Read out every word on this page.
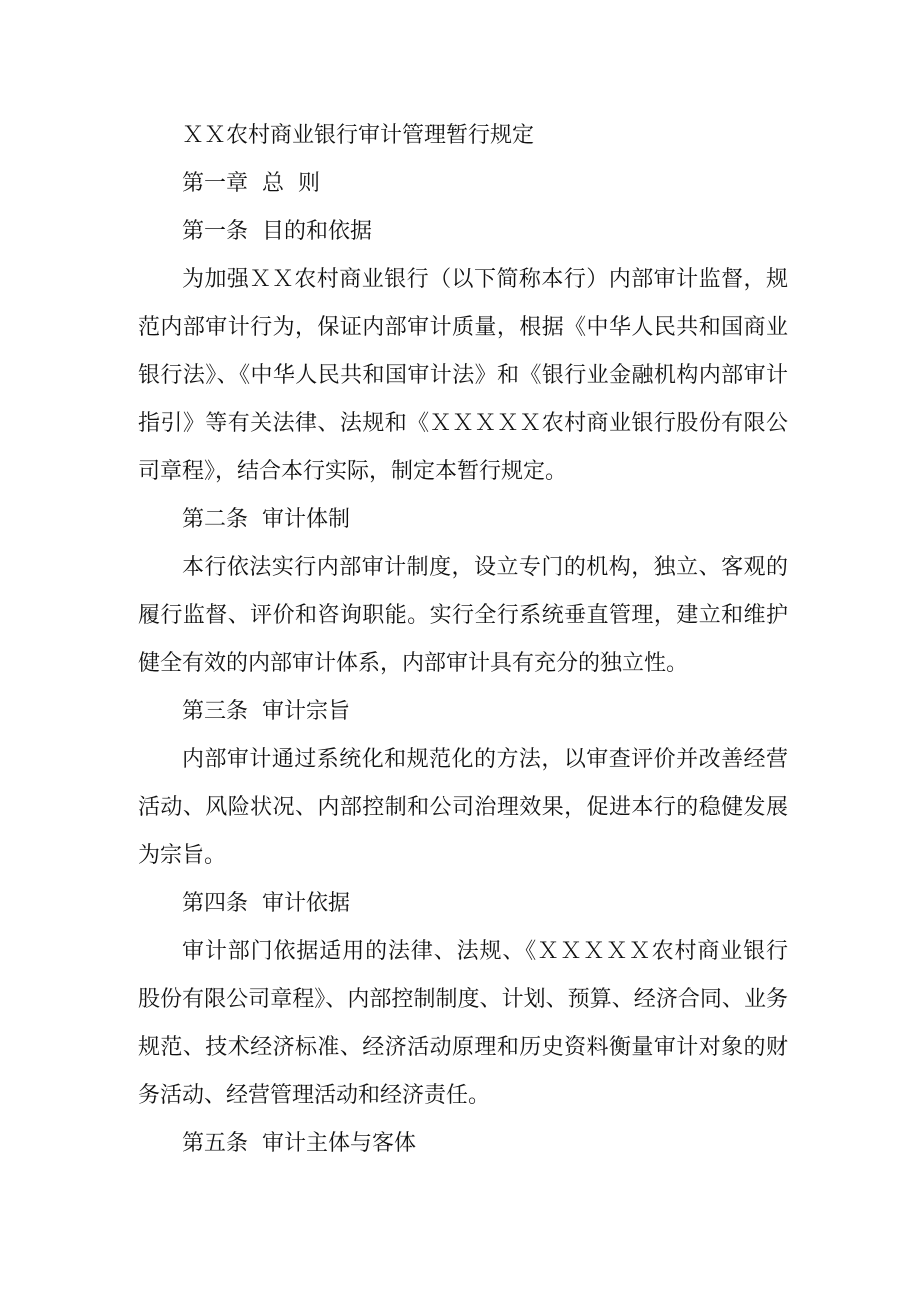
ＸＸ农村商业银行审计管理暂行规定

第一章  总  则

第一条  目的和依据

为加强ＸＸ农村商业银行（以下简称本行）内部审计监督，规范内部审计行为，保证内部审计质量，根据《中华人民共和国商业银行法》、《中华人民共和国审计法》和《银行业金融机构内部审计指引》等有关法律、法规和《ＸＸＸＸＸ农村商业银行股份有限公司章程》，结合本行实际，制定本暂行规定。

第二条  审计体制

本行依法实行内部审计制度，设立专门的机构，独立、客观的履行监督、评价和咨询职能。实行全行系统垂直管理，建立和维护健全有效的内部审计体系，内部审计具有充分的独立性。

第三条  审计宗旨

内部审计通过系统化和规范化的方法，以审查评价并改善经营活动、风险状况、内部控制和公司治理效果，促进本行的稳健发展为宗旨。

第四条  审计依据

审计部门依据适用的法律、法规、《ＸＸＸＸＸ农村商业银行 股份有限公司章程》、内部控制制度、计划、预算、经济合同、业务规范、技术经济标准、经济活动原理和历史资料衡量审计对象的财务活动、经营管理活动和经济责任。

第五条  审计主体与客体
